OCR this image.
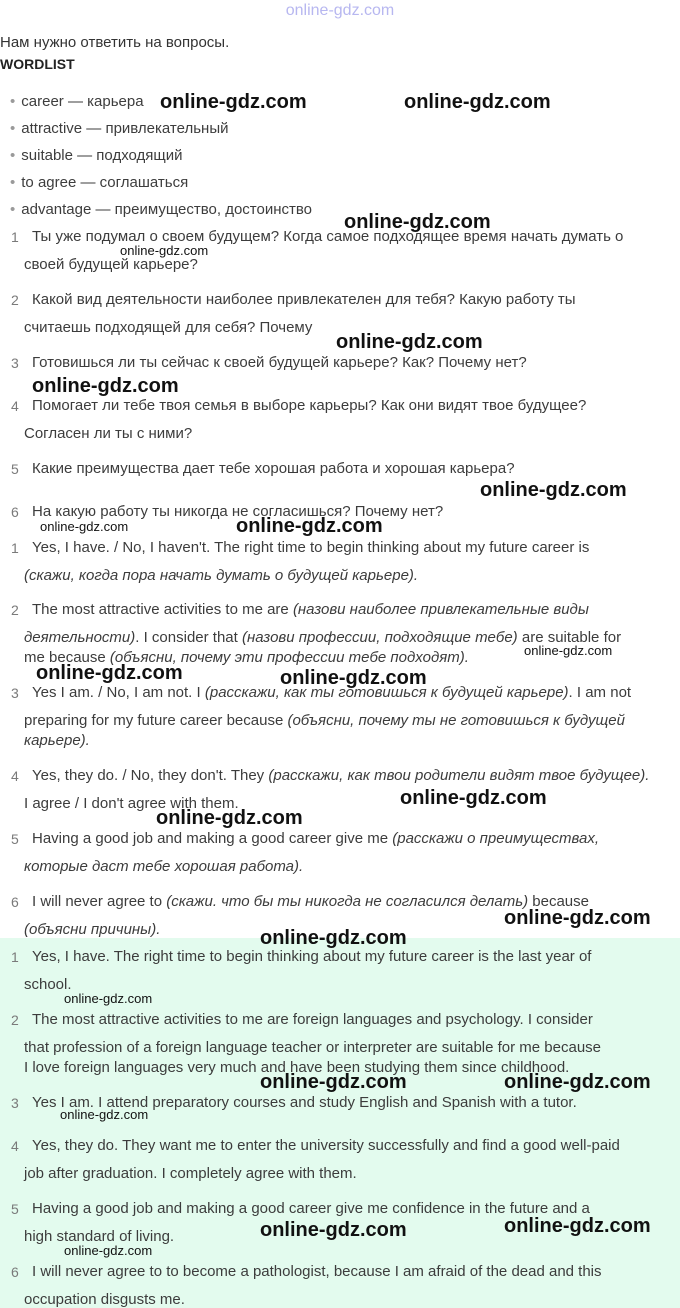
online-gdz.com
Нам нужно ответить на вопросы.
WORDLIST
• career — карьера
• attractive — привлекательный
• suitable — подходящий
• to agree — соглашаться
• advantage — преимущество, достоинство
1 Ты уже подумал о своем будущем? Когда самое подходящее время начать думать о
своей будущей карьере?
2 Какой вид деятельности наиболее привлекателен для тебя? Какую работу ты
считаешь подходящей для себя? Почему
3 Готовишься ли ты сейчас к своей будущей карьере? Как? Почему нет?
4 Помогает ли тебе твоя семья в выборе карьеры? Как они видят твое будущее?
Согласен ли ты с ними?
5 Какие преимущества дает тебе хорошая работа и хорошая карьера?
6 На какую работу ты никогда не согласишься? Почему нет?
1 Yes, I have. / No, I haven't. The right time to begin thinking about my future career is
(скажи, когда пора начать думать о будущей карьере).
2 The most attractive activities to me are (назови наиболее привлекательные виды
деятельности). I consider that (назови профессии, подходящие тебе) are suitable for
me because (объясни, почему эти профессии тебе подходят).
3 Yes I am. / No, I am not. I (расскажи, как ты готовишься к будущей карьере). I am not
preparing for my future career because (объясни, почему ты не готовишься к будущей
карьере).
4 Yes, they do. / No, they don't. They (расскажи, как твои родители видят твое будущее).
I agree / I don't agree with them.
5 Having a good job and making a good career give me (расскажи о преимуществах,
которые даст тебе хорошая работа).
6 I will never agree to (скажи. что бы ты никогда не согласился делать) because
(объясни причины).
1 Yes, I have. The right time to begin thinking about my future career is the last year of
school.
2 The most attractive activities to me are foreign languages and psychology. I consider
that profession of a foreign language teacher or interpreter are suitable for me because
I love foreign languages very much and have been studying them since childhood.
3 Yes I am. I attend preparatory courses and study English and Spanish with a tutor.
4 Yes, they do. They want me to enter the university successfully and find a good well-paid
job after graduation. I completely agree with them.
5 Having a good job and making a good career give me confidence in the future and a
high standard of living.
6 I will never agree to to become a pathologist, because I am afraid of the dead and this
occupation disgusts me.
online-gdz.com	online-gdz.com
online-gdz.com
online-gdz.com
online-gdz.com
online-gdz.com
online-gdz.com
online-gdz.com	online-gdz.com
online-gdz.com
online-gdz.com	online-gdz.com
online-gdz.com
online-gdz.com
online-gdz.com
online-gdz.com
online-gdz.com
online-gdz.com	online-gdz.com
online-gdz.com
online-gdz.com
online-gdz.com
online-gdz.com
